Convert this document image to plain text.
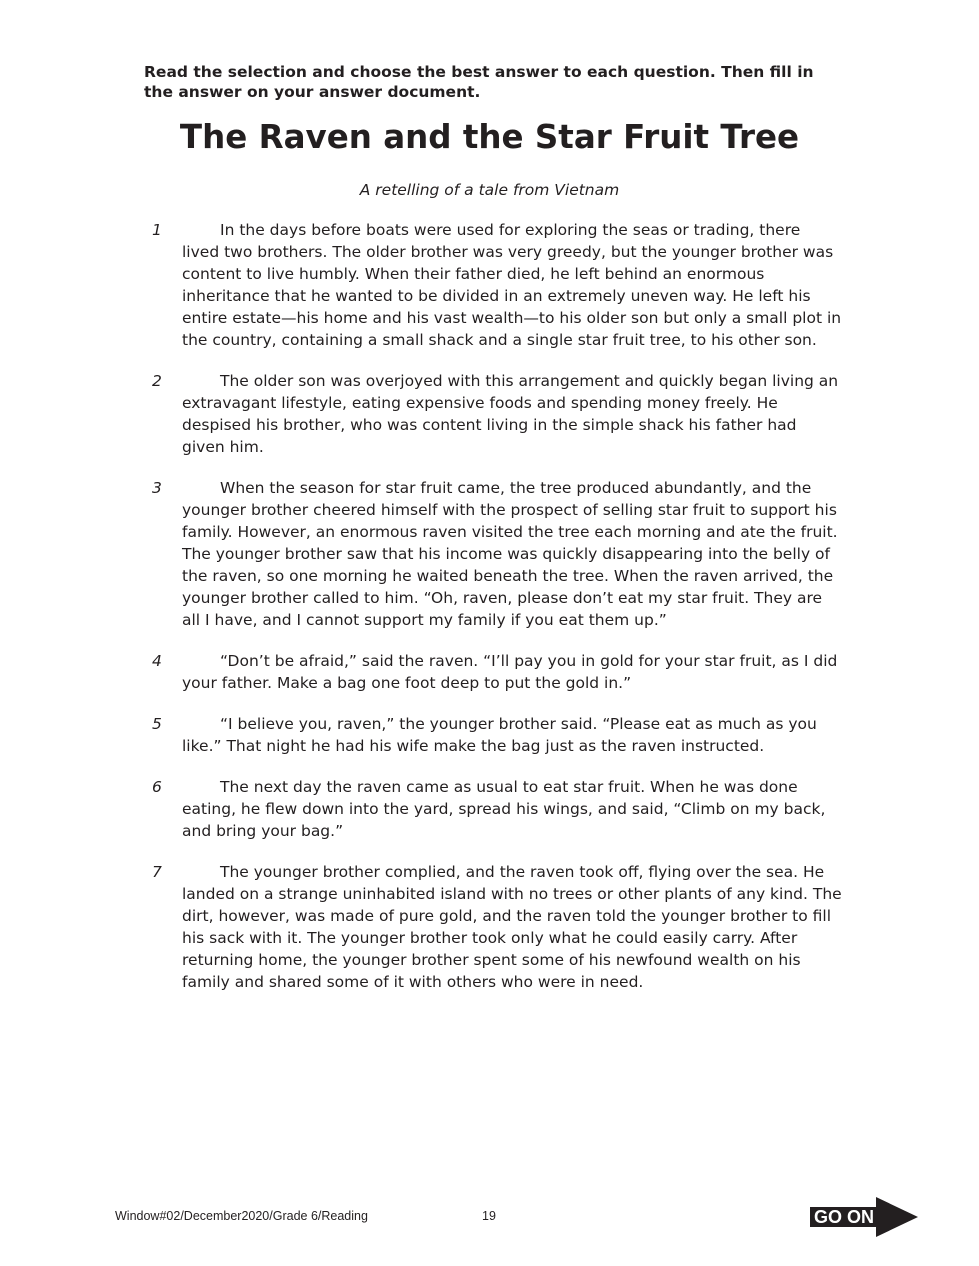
Read the selection and choose the best answer to each question. Then fill in the answer on your answer document.

The Raven and the Star Fruit Tree

A retelling of a tale from Vietnam

1	In the days before boats were used for exploring the seas or trading, there lived two brothers. The older brother was very greedy, but the younger brother was content to live humbly. When their father died, he left behind an enormous inheritance that he wanted to be divided in an extremely uneven way. He left his entire estate—his home and his vast wealth—to his older son but only a small plot in the country, containing a small shack and a single star fruit tree, to his other son.

2	The older son was overjoyed with this arrangement and quickly began living an extravagant lifestyle, eating expensive foods and spending money freely. He despised his brother, who was content living in the simple shack his father had given him.

3	When the season for star fruit came, the tree produced abundantly, and the younger brother cheered himself with the prospect of selling star fruit to support his family. However, an enormous raven visited the tree each morning and ate the fruit. The younger brother saw that his income was quickly disappearing into the belly of the raven, so one morning he waited beneath the tree. When the raven arrived, the younger brother called to him. “Oh, raven, please don’t eat my star fruit. They are all I have, and I cannot support my family if you eat them up.”

4	“Don’t be afraid,” said the raven. “I’ll pay you in gold for your star fruit, as I did your father. Make a bag one foot deep to put the gold in.”

5	“I believe you, raven,” the younger brother said. “Please eat as much as you like.” That night he had his wife make the bag just as the raven instructed.

6	The next day the raven came as usual to eat star fruit. When he was done eating, he flew down into the yard, spread his wings, and said, “Climb on my back, and bring your bag.”

7	The younger brother complied, and the raven took off, flying over the sea. He landed on a strange uninhabited island with no trees or other plants of any kind. The dirt, however, was made of pure gold, and the raven told the younger brother to fill his sack with it. The younger brother took only what he could easily carry. After returning home, the younger brother spent some of his newfound wealth on his family and shared some of it with others who were in need.

Window#02/December2020/Grade 6/Reading	19	GO ON
